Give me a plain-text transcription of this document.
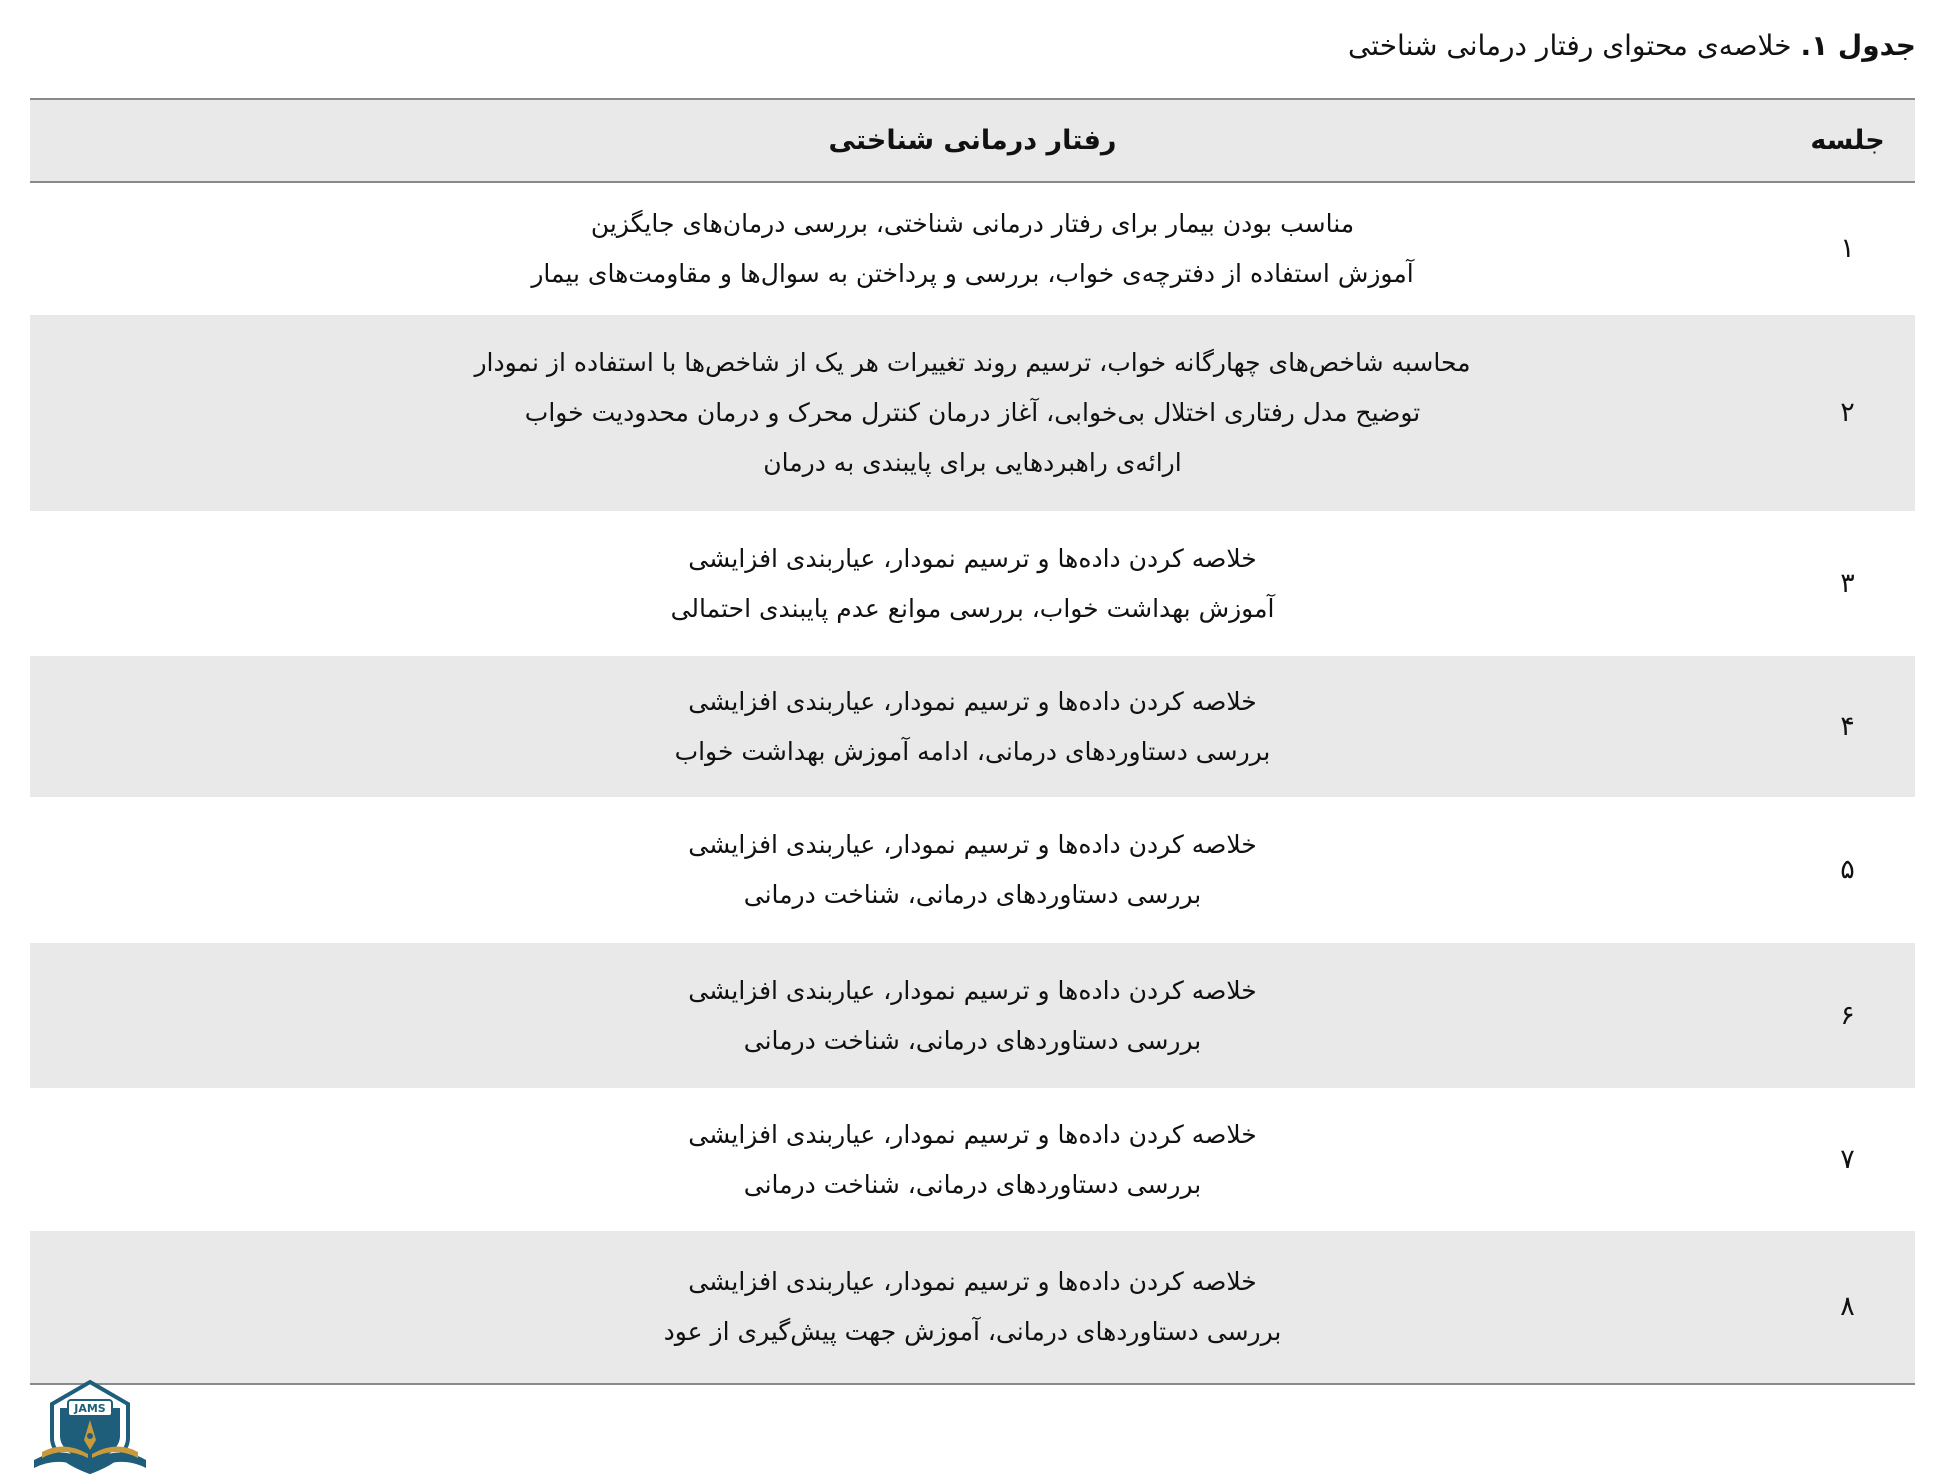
جدول ۱. خلاصه‌ی محتوای رفتار درمانی شناختی
جلسه	رفتار درمانی شناختی
۱	مناسب بودن بیمار برای رفتار درمانی شناختی، بررسی درمان‌های جایگزین
آموزش استفاده از دفترچه‌ی خواب، بررسی و پرداختن به سوال‌ها و مقاومت‌های بیمار

۲	محاسبه شاخص‌های چهارگانه خواب، ترسیم روند تغییرات هر یک از شاخص‌ها با استفاده از نمودار
توضیح مدل رفتاری اختلال بی‌خوابی، آغاز درمان کنترل محرک و درمان محدودیت خواب
ارائه‌ی راهبردهایی برای پایبندی به درمان

۳	خلاصه کردن داده‌ها و ترسیم نمودار، عیاربندی افزایشی
آموزش بهداشت خواب، بررسی موانع عدم پایبندی احتمالی

۴	خلاصه کردن داده‌ها و ترسیم نمودار، عیاربندی افزایشی
بررسی دستاوردهای درمانی، ادامه آموزش بهداشت خواب

۵	خلاصه کردن داده‌ها و ترسیم نمودار، عیاربندی افزایشی
بررسی دستاوردهای درمانی، شناخت درمانی

۶	خلاصه کردن داده‌ها و ترسیم نمودار، عیاربندی افزایشی
بررسی دستاوردهای درمانی، شناخت درمانی

۷	خلاصه کردن داده‌ها و ترسیم نمودار، عیاربندی افزایشی
بررسی دستاوردهای درمانی، شناخت درمانی

۸	خلاصه کردن داده‌ها و ترسیم نمودار، عیاربندی افزایشی
بررسی دستاوردهای درمانی، آموزش جهت پیش‌گیری از عود
JAMS
